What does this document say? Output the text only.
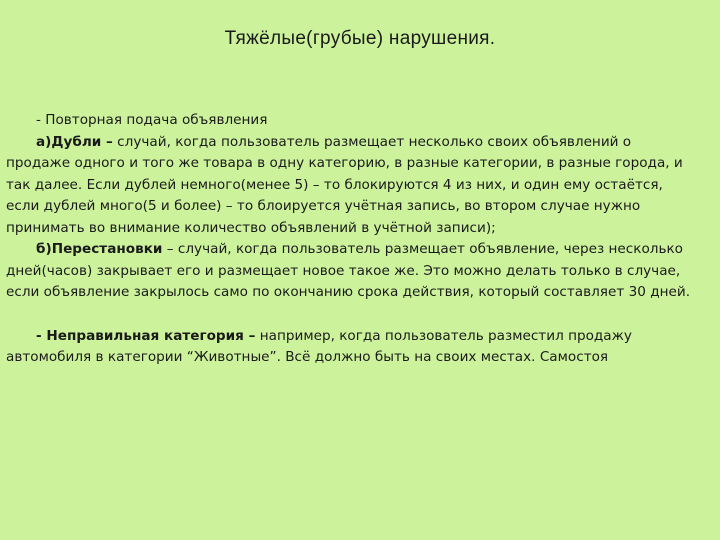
Тяжёлые(грубые) нарушения.

- Повторная подача объявления

а)Дубли – случай, когда пользователь размещает несколько своих объявлений о продаже одного и того же товара в одну категорию, в разные категории, в разные города, и так далее. Если дублей немного(менее 5) – то блокируются 4 из них, и один ему остаётся, если дублей много(5 и более) – то блоируется учётная запись, во втором случае нужно принимать во внимание количество объявлений в учётной записи);

б)Перестановки – случай, когда пользователь размещает объявление, через несколько дней(часов) закрывает его и размещает новое такое же. Это можно делать только в случае, если объявление закрылось само по окончанию срока действия, который составляет 30 дней.

- Неправильная категория – например, когда пользователь разместил продажу автомобиля в категории “Животные”. Всё должно быть на своих местах. Самостоя
